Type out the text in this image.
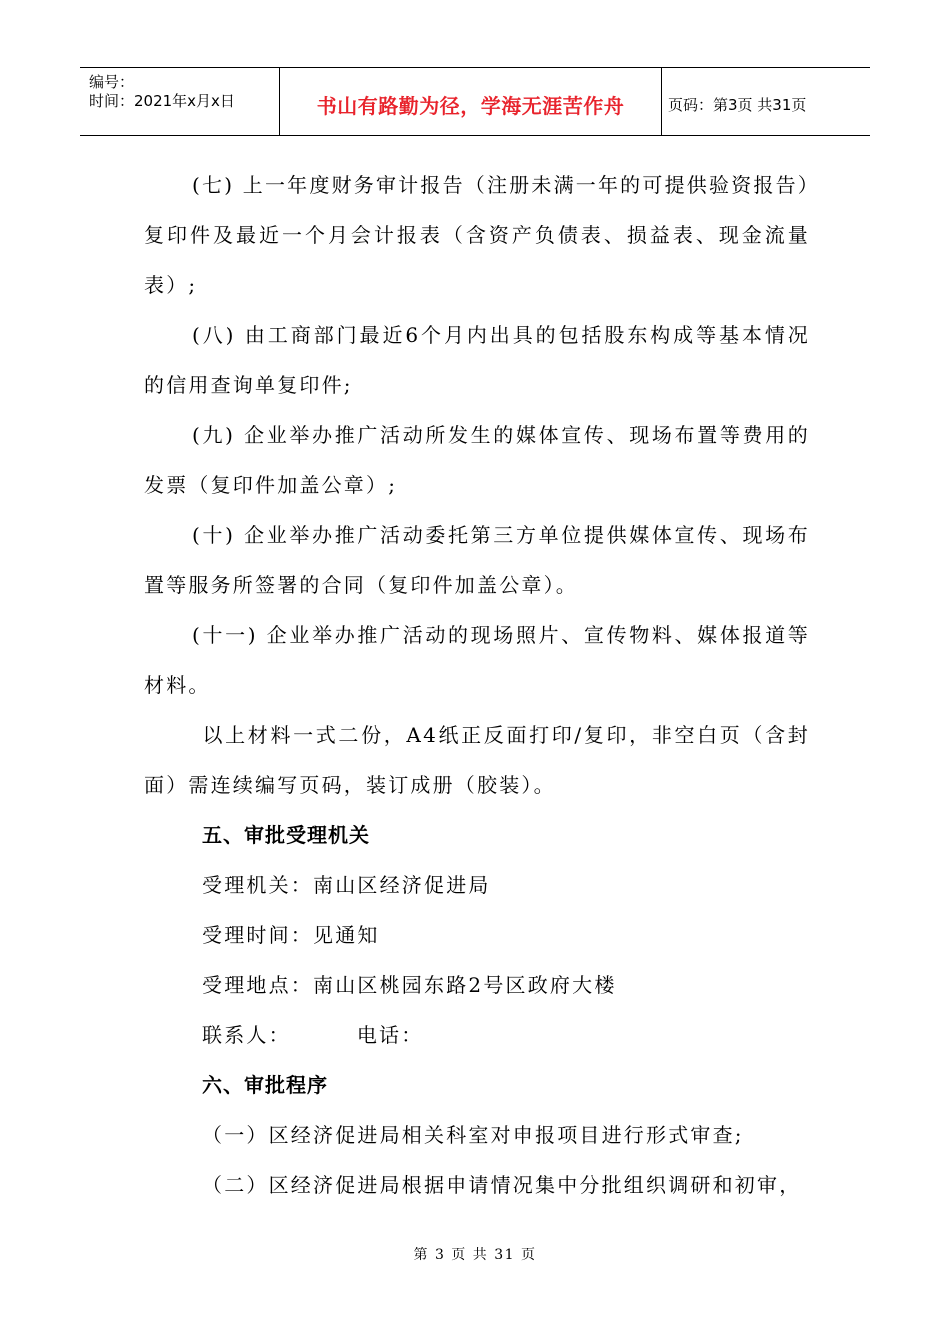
编号：
时间：2021年x月x日	书山有路勤为径，学海无涯苦作舟	页码：第3页 共31页

(七) 上一年度财务审计报告（注册未满一年的可提供验资报告）复印件及最近一个月会计报表（含资产负债表、损益表、现金流量表）;

(八) 由工商部门最近6个月内出具的包括股东构成等基本情况的信用查询单复印件;

(九) 企业举办推广活动所发生的媒体宣传、现场布置等费用的发票（复印件加盖公章）;

(十) 企业举办推广活动委托第三方单位提供媒体宣传、现场布置等服务所签署的合同（复印件加盖公章）。

(十一) 企业举办推广活动的现场照片、宣传物料、媒体报道等材料。

以上材料一式二份，A4纸正反面打印/复印，非空白页（含封面）需连续编写页码，装订成册（胶装）。

五、审批受理机关

受理机关：南山区经济促进局

受理时间：见通知

受理地点：南山区桃园东路2号区政府大楼

联系人：	电话：

六、审批程序

（一）区经济促进局相关科室对申报项目进行形式审查;

（二）区经济促进局根据申请情况集中分批组织调研和初审，

第 3 页 共 31 页
